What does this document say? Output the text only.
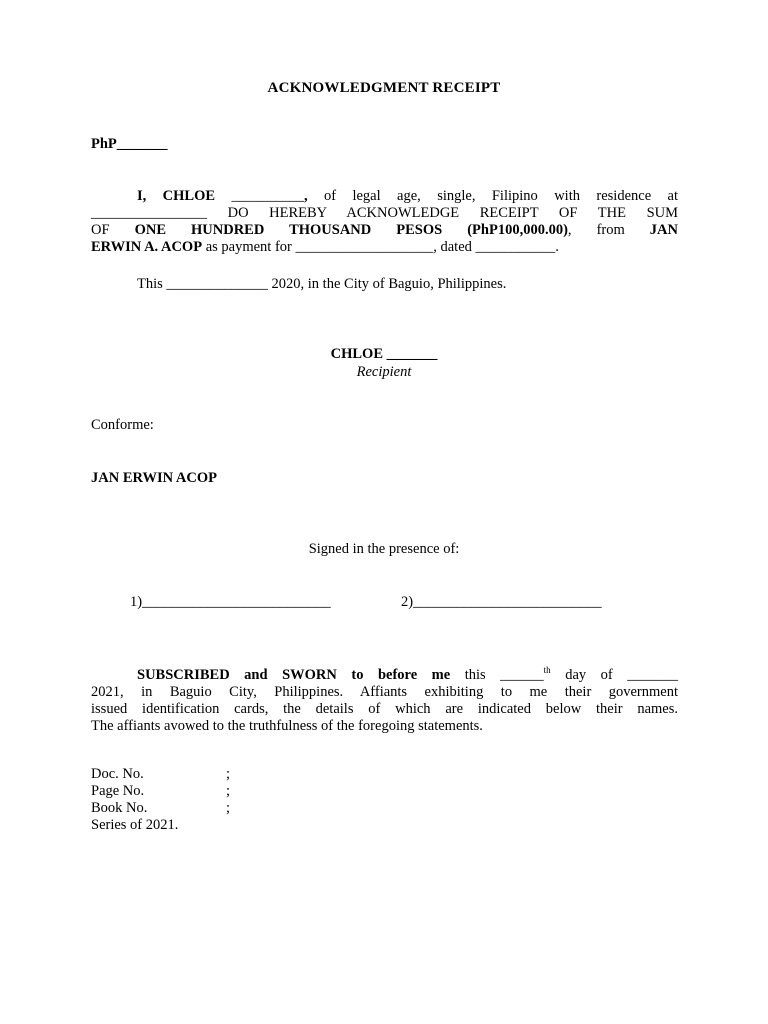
ACKNOWLEDGMENT RECEIPT
PhP_______
I, CHLOE __________, of legal age, single, Filipino with residence at
________________ DO HEREBY ACKNOWLEDGE RECEIPT OF THE SUM
OF ONE HUNDRED THOUSAND PESOS (PhP100,000.00), from JAN
ERWIN A. ACOP as payment for ___________________, dated ___________.
This ______________ 2020, in the City of Baguio, Philippines.
CHLOE _______
Recipient
Conforme:
JAN ERWIN ACOP
Signed in the presence of:
1)__________________________	2)__________________________
SUBSCRIBED and SWORN to before me this ______$^{th}$ day of _______
2021, in Baguio City, Philippines. Affiants exhibiting to me their government
issued identification cards, the details of which are indicated below their names.
The affiants avowed to the truthfulness of the foregoing statements.
Doc. No.	;
Page No.	;
Book No.	;
Series of 2021.
